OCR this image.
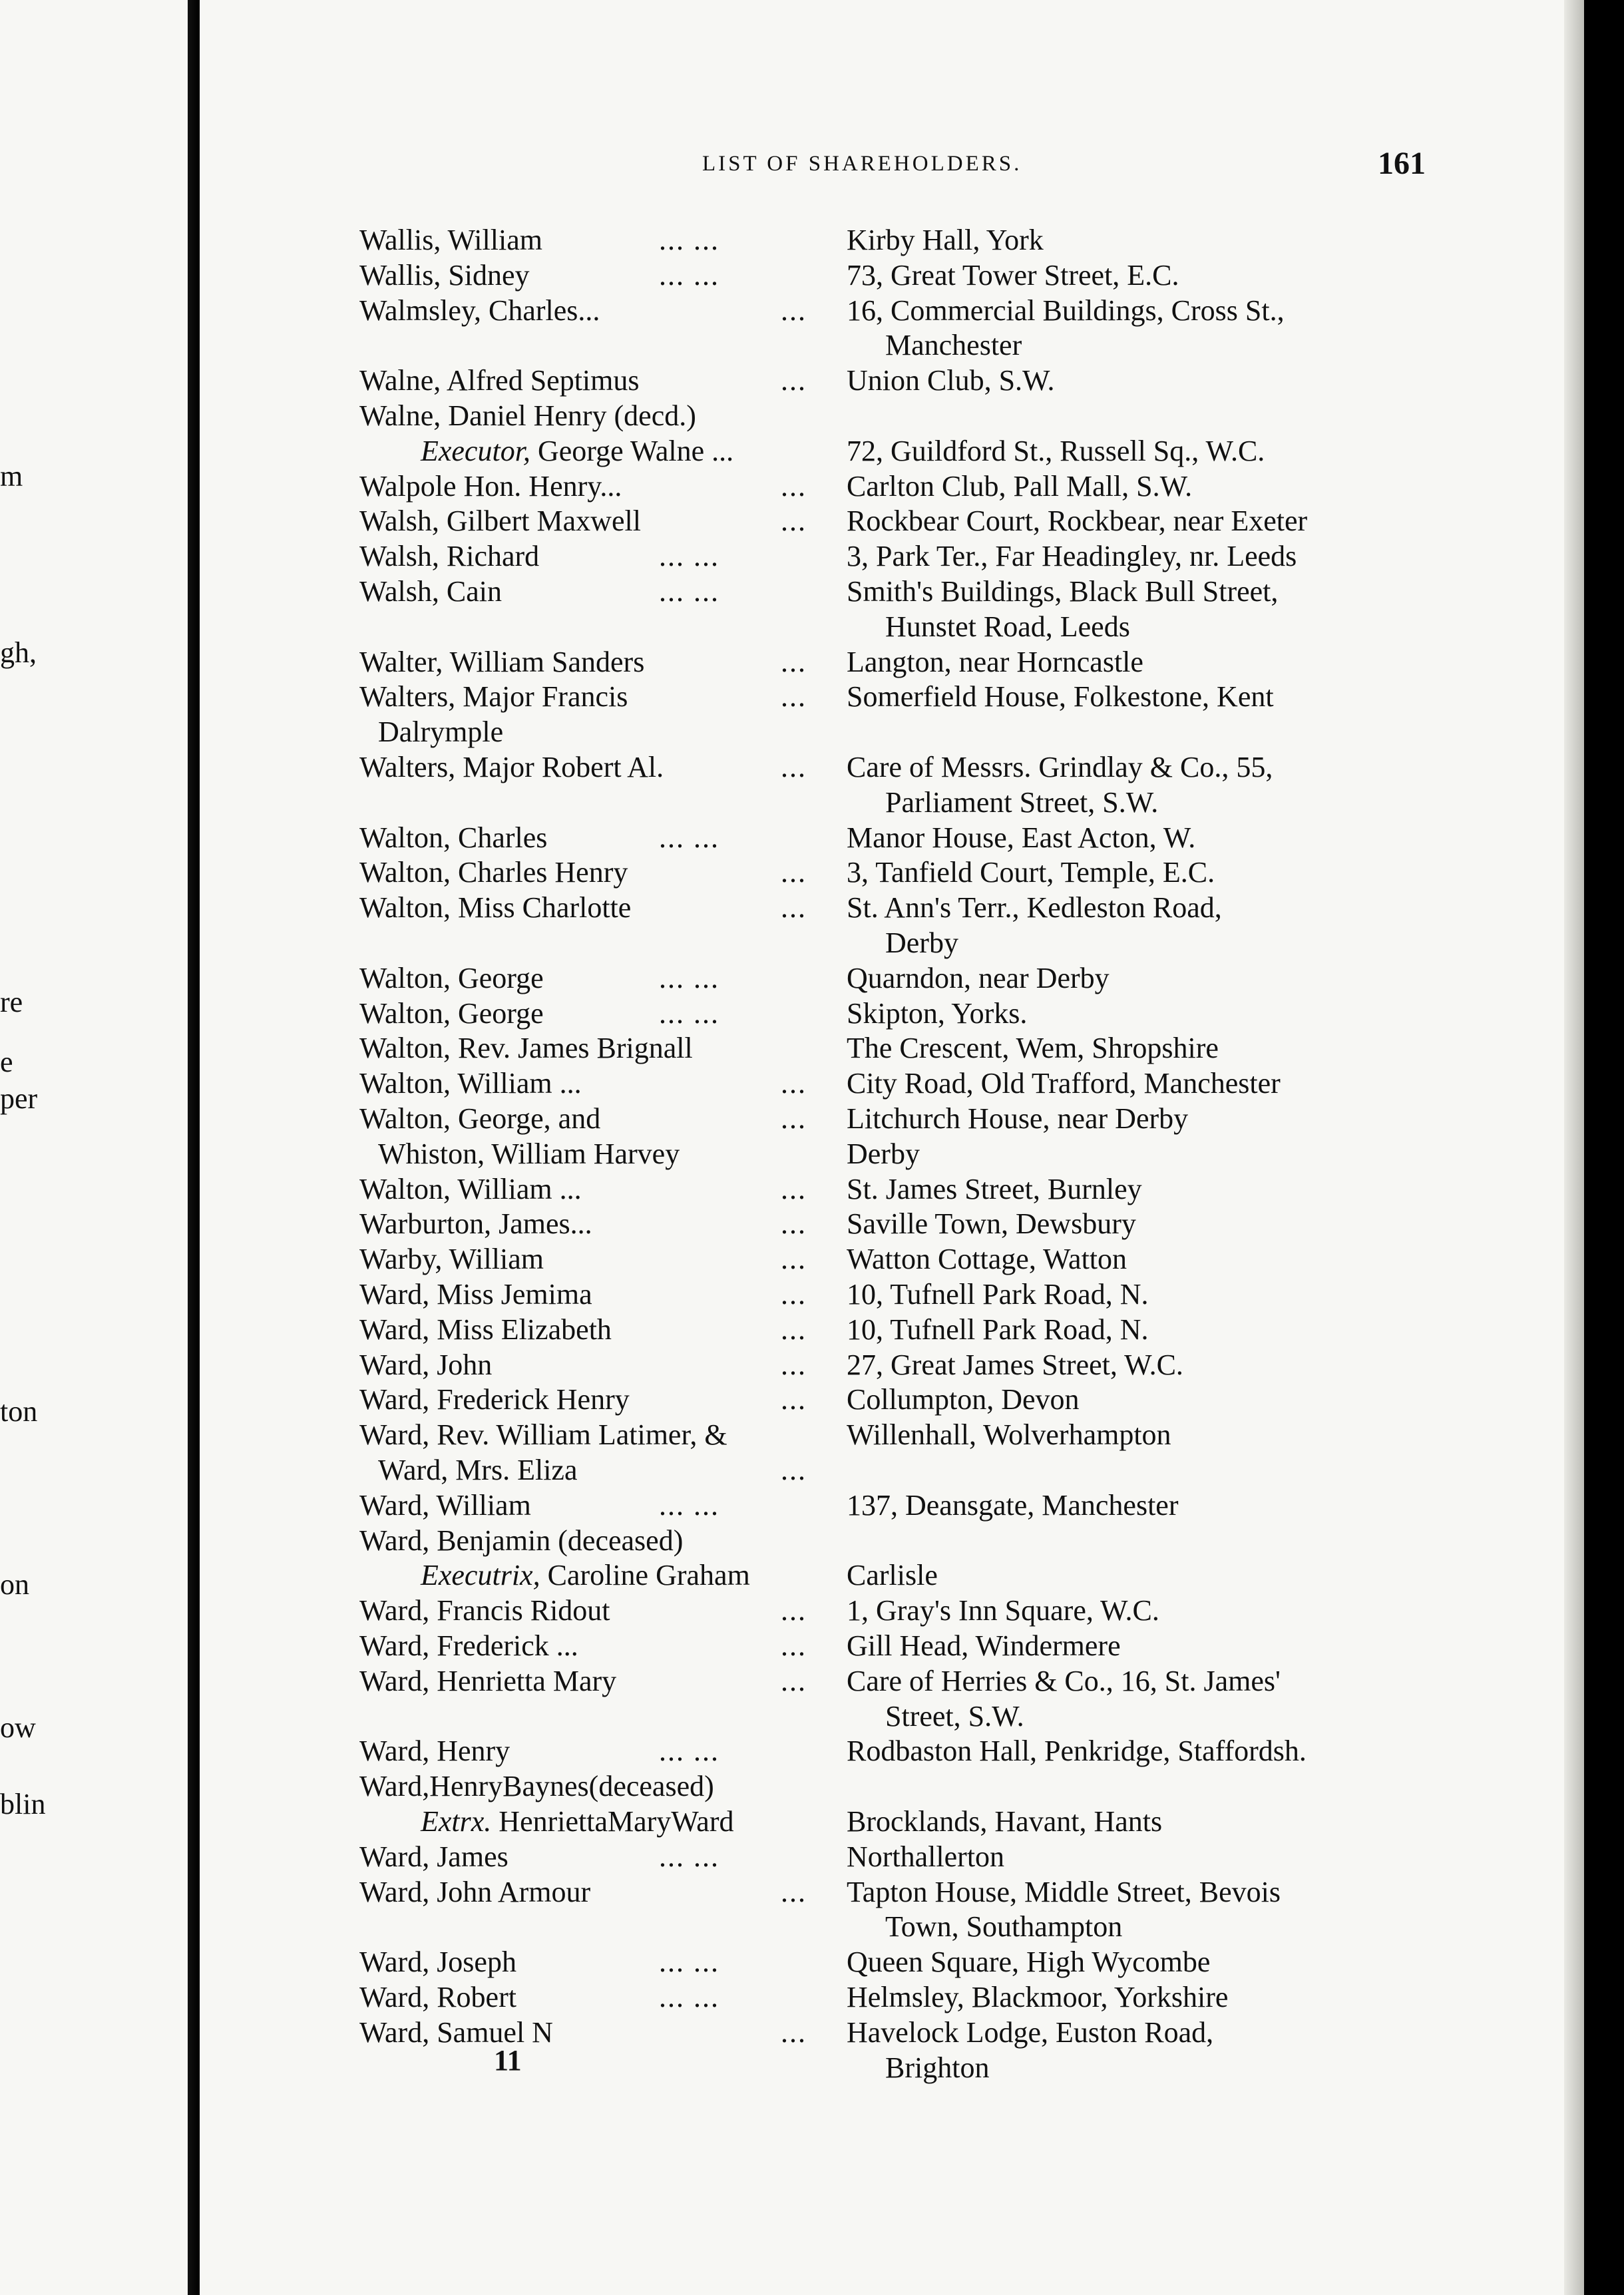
m
gh,
re
e
per
ton
on
ow
blin
LIST OF SHAREHOLDERS.	161
Wallis, William	... ...	Kirby Hall, York
Wallis, Sidney	... ...	73, Great Tower Street, E.C.
Walmsley, Charles...	... 16, Commercial Buildings, Cross St.,
Manchester
Walne, Alfred Septimus	... Union Club, S.W.
Walne, Daniel Henry (decd.)
Executor, George Walne ...	72, Guildford St., Russell Sq., W.C.
Walpole Hon. Henry...	... Carlton Club, Pall Mall, S.W.
Walsh, Gilbert Maxwell	... Rockbear Court, Rockbear, near Exeter
Walsh, Richard	... ...	3, Park Ter., Far Headingley, nr. Leeds
Walsh, Cain	... ...	Smith's Buildings, Black Bull Street,
Hunstet Road, Leeds
Walter, William Sanders	... Langton, near Horncastle
Walters, Major Francis	... Somerfield House, Folkestone, Kent
Dalrymple
Walters, Major Robert Al.	... Care of Messrs. Grindlay & Co., 55,
Parliament Street, S.W.
Walton, Charles	... ...	Manor House, East Acton, W.
Walton, Charles Henry	... 3, Tanfield Court, Temple, E.C.
Walton, Miss Charlotte	... St. Ann's Terr., Kedleston Road,
Derby
Walton, George	... ...	Quarndon, near Derby
Walton, George	... ...	Skipton, Yorks.
Walton, Rev. James Brignall	The Crescent, Wem, Shropshire
Walton, William ...	... City Road, Old Trafford, Manchester
Walton, George, and	... Litchurch House, near Derby
Whiston, William Harvey	Derby
Walton, William ...	... St. James Street, Burnley
Warburton, James...	... Saville Town, Dewsbury
Warby, William	... Watton Cottage, Watton
Ward, Miss Jemima	... 10, Tufnell Park Road, N.
Ward, Miss Elizabeth	... 10, Tufnell Park Road, N.
Ward, John	... 27, Great James Street, W.C.
Ward, Frederick Henry	... Collumpton, Devon
Ward, Rev. William Latimer, &	Willenhall, Wolverhampton
Ward, Mrs. Eliza	...
Ward, William	... ...	137, Deansgate, Manchester
Ward, Benjamin (deceased)
Executrix, Caroline Graham	Carlisle
Ward, Francis Ridout	... 1, Gray's Inn Square, W.C.
Ward, Frederick ...	... Gill Head, Windermere
Ward, Henrietta Mary	... Care of Herries & Co., 16, St. James'
Street, S.W.
Ward, Henry	... ...	Rodbaston Hall, Penkridge, Staffordsh.
Ward,HenryBaynes(deceased)
Extrx. HenriettaMaryWard	Brocklands, Havant, Hants
Ward, James	... ...	Northallerton
Ward, John Armour	... Tapton House, Middle Street, Bevois
Town, Southampton
Ward, Joseph	... ...	Queen Square, High Wycombe
Ward, Robert	... ...	Helmsley, Blackmoor, Yorkshire
Ward, Samuel N	... Havelock Lodge, Euston Road,
Brighton
11
